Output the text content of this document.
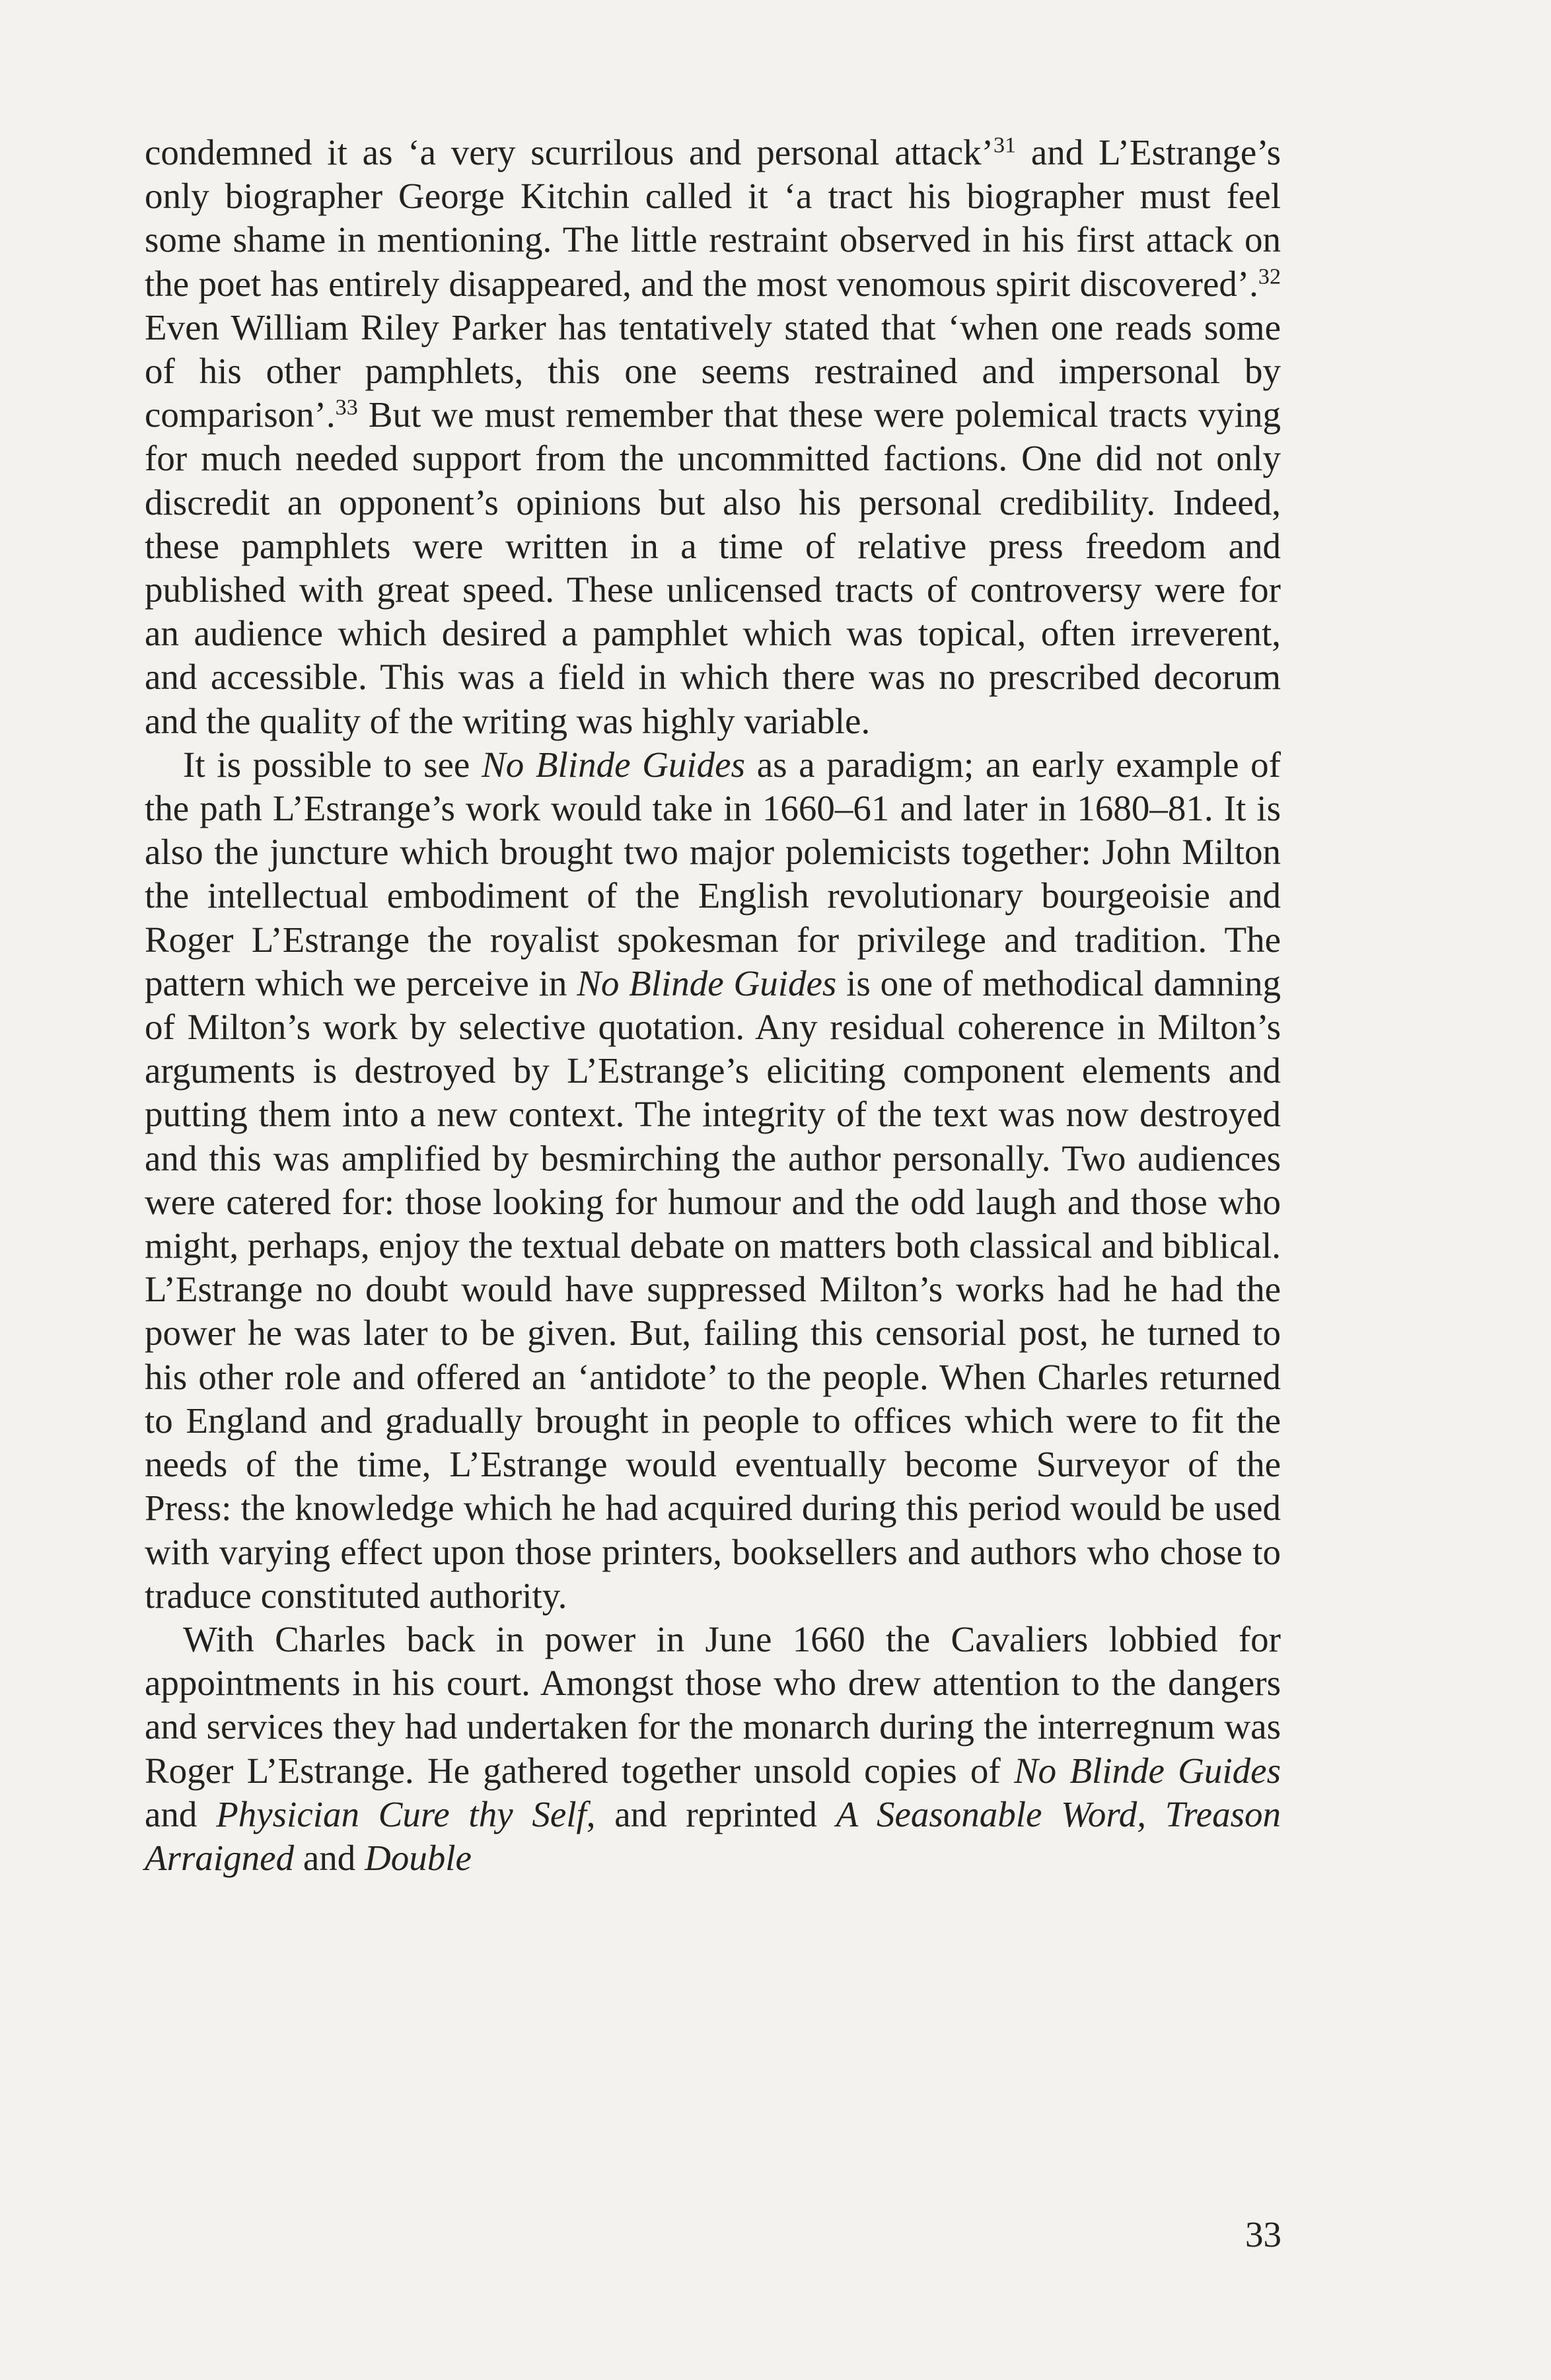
condemned it as ‘a very scurrilous and personal attack’$^{31}$ and L’Estrange’s only biographer George Kitchin called it ‘a tract his biographer must feel some shame in mentioning. The little restraint observed in his first attack on the poet has entirely disappeared, and the most venomous spirit discovered’.$^{32}$ Even William Riley Parker has tentatively stated that ‘when one reads some of his other pamphlets, this one seems restrained and impersonal by comparison’.$^{33}$ But we must remember that these were polemical tracts vying for much needed support from the uncommitted factions. One did not only discredit an opponent’s opinions but also his personal credibility. Indeed, these pamphlets were written in a time of relative press freedom and published with great speed. These unlicensed tracts of controversy were for an audience which desired a pamphlet which was topical, often irreverent, and accessible. This was a field in which there was no prescribed decorum and the quality of the writing was highly variable.

It is possible to see No Blinde Guides as a paradigm; an early example of the path L’Estrange’s work would take in 1660–61 and later in 1680–81. It is also the juncture which brought two major polemicists together: John Milton the intellectual embodiment of the English revolutionary bourgeoisie and Roger L’Estrange the royalist spokesman for privilege and tradition. The pattern which we perceive in No Blinde Guides is one of methodical damning of Milton’s work by selective quotation. Any residual coherence in Milton’s arguments is destroyed by L’Estrange’s eliciting component elements and putting them into a new context. The integrity of the text was now destroyed and this was amplified by besmirching the author personally. Two audiences were catered for: those looking for humour and the odd laugh and those who might, perhaps, enjoy the textual debate on matters both classical and biblical. L’Estrange no doubt would have suppressed Milton’s works had he had the power he was later to be given. But, failing this censorial post, he turned to his other role and offered an ‘antidote’ to the people. When Charles returned to England and gradually brought in people to offices which were to fit the needs of the time, L’Estrange would eventually become Surveyor of the Press: the knowledge which he had acquired during this period would be used with varying effect upon those printers, booksellers and authors who chose to traduce constituted authority.

With Charles back in power in June 1660 the Cavaliers lobbied for appointments in his court. Amongst those who drew attention to the dangers and services they had undertaken for the monarch during the interregnum was Roger L’Estrange. He gathered together unsold copies of No Blinde Guides and Physician Cure thy Self, and reprinted A Seasonable Word, Treason Arraigned and Double

33
